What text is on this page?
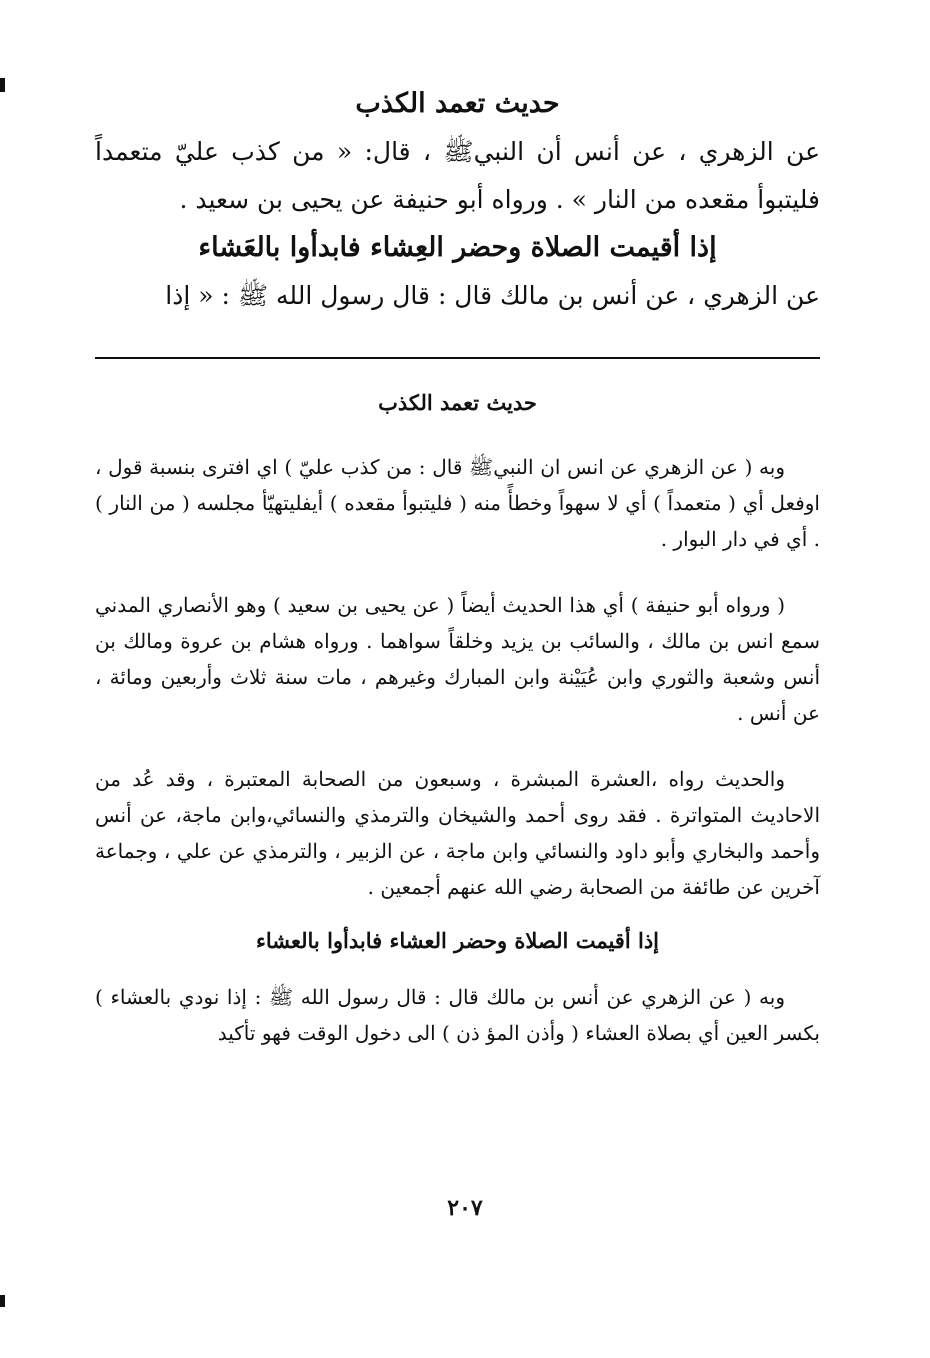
حديث تعمد الكذب

عن الزهري ، عن أنس أن النبيﷺ ، قال: « من كذب عليّ متعمداً فليتبوأ مقعده من النار » . ورواه أبو حنيفة عن يحيى بن سعيد .

إذا أقيمت الصلاة وحضر العِشاء فابدأوا بالعَشاء

عن الزهري ، عن أنس بن مالك قال : قال رسول الله ﷺ : « إذا

حديث تعمد الكذب

وبه ( عن الزهري عن انس ان النبيﷺ قال : من كذب عليّ ) اي افترى بنسبة قول ، اوفعل أي ( متعمداً ) أي لا سهواً وخطأً منه ( فليتبوأ مقعده ) أيفليتهيّأ مجلسه ( من النار ) . أي في دار البوار .

( ورواه أبو حنيفة ) أي هذا الحديث أيضاً ( عن يحيى بن سعيد ) وهو الأنصاري المدني سمع انس بن مالك ، والسائب بن يزيد وخلقاً سواهما . ورواه هشام بن عروة ومالك بن أنس وشعبة والثوري وابن عُيَيْنة وابن المبارك وغيرهم ، مات سنة ثلاث وأربعين ومائة ، عن أنس .

والحديث رواه ،العشرة المبشرة ، وسبعون من الصحابة المعتبرة ، وقد عُد من الاحاديث المتواترة . فقد روى أحمد والشيخان والترمذي والنسائي،وابن ماجة، عن أنس وأحمد والبخاري وأبو داود والنسائي وابن ماجة ، عن الزبير ، والترمذي عن علي ، وجماعة آخرين عن طائفة من الصحابة رضي الله عنهم أجمعين .

إذا أقيمت الصلاة وحضر العشاء فابدأوا بالعشاء

وبه ( عن الزهري عن أنس بن مالك قال : قال رسول الله ﷺ : إذا نودي بالعشاء ) بكسر العين أي بصلاة العشاء ( وأذن المؤ ذن ) الى دخول الوقت فهو تأكيد

٢٠٧
